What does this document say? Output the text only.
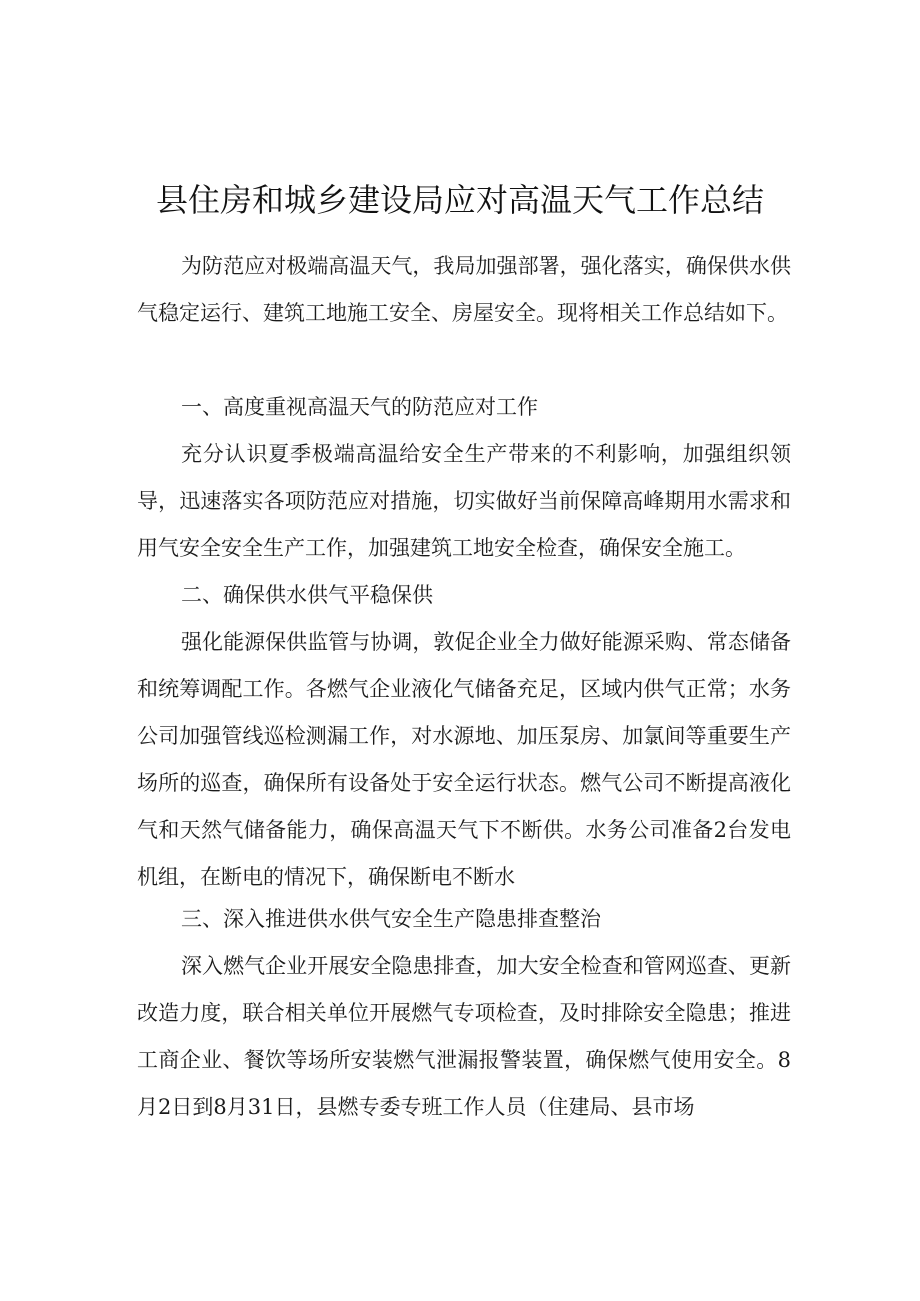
县住房和城乡建设局应对高温天气工作总结

为防范应对极端高温天气，我局加强部署，强化落实，确保供水供气稳定运行、建筑工地施工安全、房屋安全。现将相关工作总结如下。

一、高度重视高温天气的防范应对工作

充分认识夏季极端高温给安全生产带来的不利影响，加强组织领导，迅速落实各项防范应对措施，切实做好当前保障高峰期用水需求和用气安全安全生产工作，加强建筑工地安全检查，确保安全施工。

二、确保供水供气平稳保供

强化能源保供监管与协调，敦促企业全力做好能源采购、常态储备和统筹调配工作。各燃气企业液化气储备充足，区域内供气正常；水务公司加强管线巡检测漏工作，对水源地、加压泵房、加氯间等重要生产场所的巡查，确保所有设备处于安全运行状态。燃气公司不断提高液化气和天然气储备能力，确保高温天气下不断供。水务公司准备2台发电机组，在断电的情况下，确保断电不断水

三、深入推进供水供气安全生产隐患排查整治

深入燃气企业开展安全隐患排查，加大安全检查和管网巡查、更新改造力度，联合相关单位开展燃气专项检查，及时排除安全隐患；推进工商企业、餐饮等场所安装燃气泄漏报警装置，确保燃气使用安全。8月2日到8月31日，县燃专委专班工作人员（住建局、县市场
